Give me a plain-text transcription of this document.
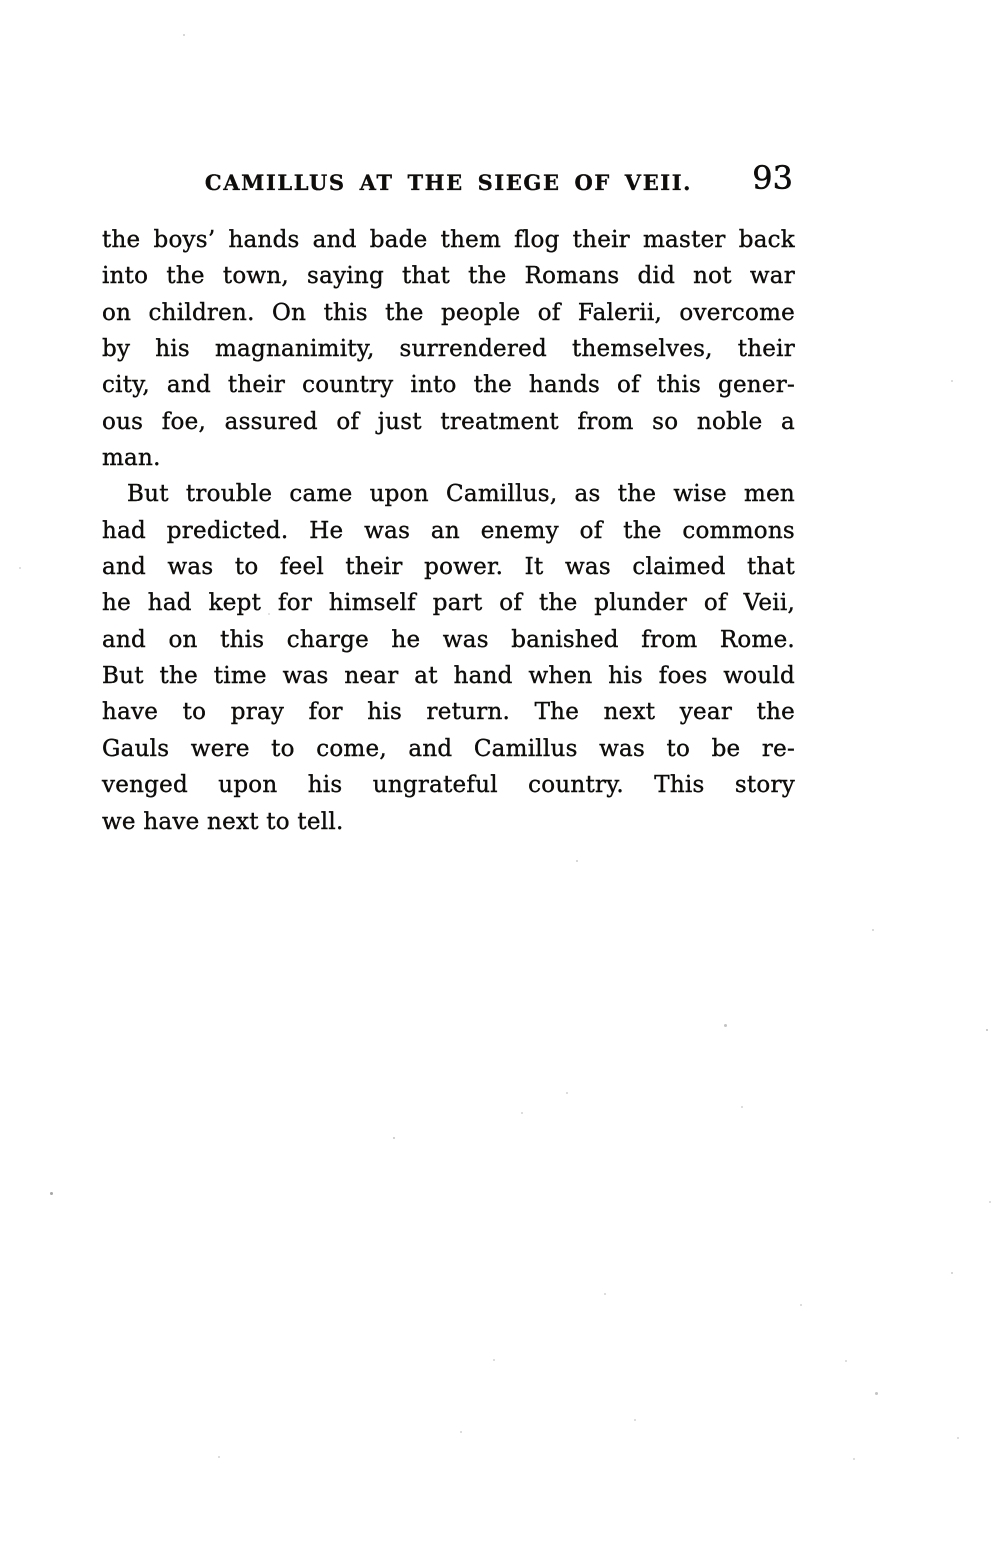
CAMILLUS AT THE SIEGE OF VEII.	93
the boys’ hands and bade them flog their master back
into the town, saying that the Romans did not war
on children. On this the people of Falerii, overcome
by his magnanimity, surrendered themselves, their
city, and their country into the hands of this gener-
ous foe, assured of just treatment from so noble a
man.
But trouble came upon Camillus, as the wise men
had predicted. He was an enemy of the commons
and was to feel their power. It was claimed that
he had kept for himself part of the plunder of Veii,
and on this charge he was banished from Rome.
But the time was near at hand when his foes would
have to pray for his return. The next year the
Gauls were to come, and Camillus was to be re-
venged upon his ungrateful country. This story
we have next to tell.
